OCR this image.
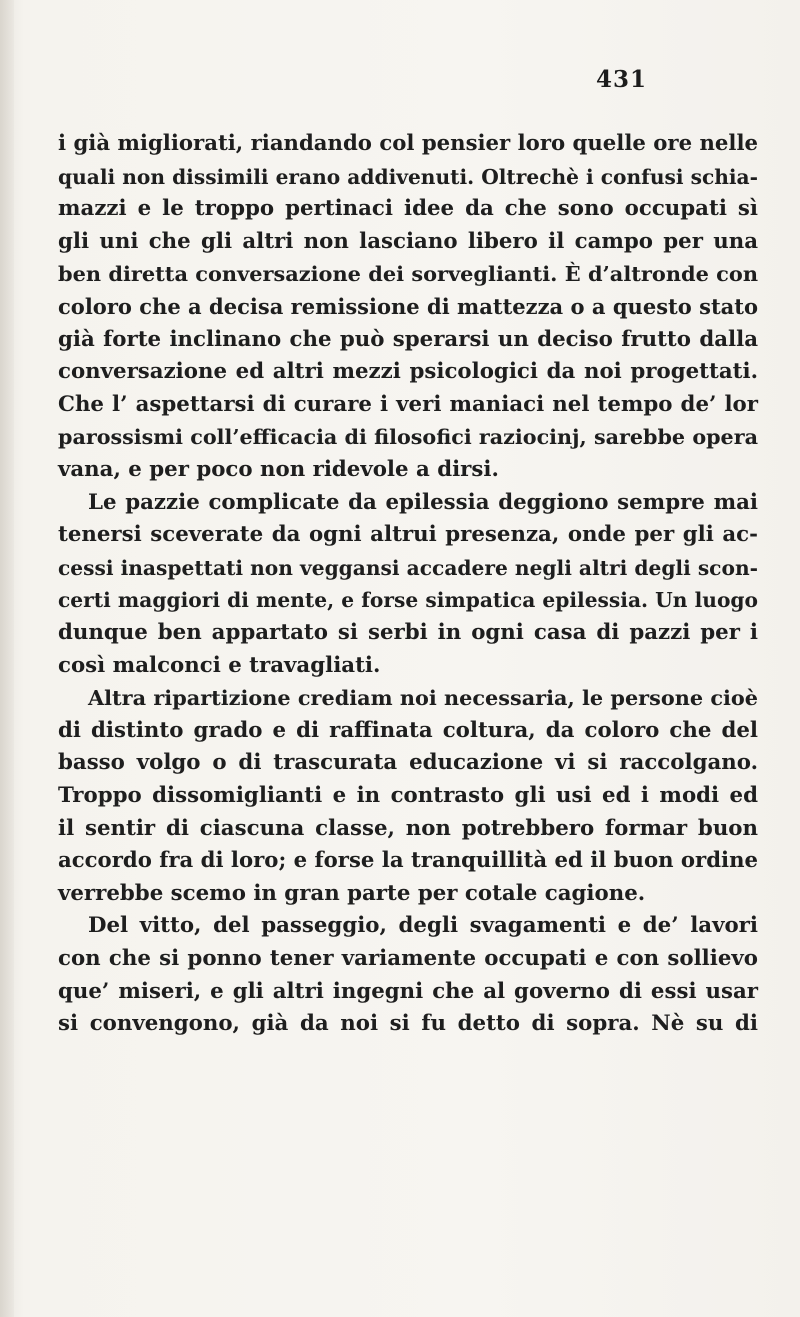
431
i già migliorati, riandando col pensier loro quelle ore nelle
quali non dissimili erano addivenuti. Oltrechè i confusi schia-
mazzi e le troppo pertinaci idee da che sono occupati sì
gli uni che gli altri non lasciano libero il campo per una
ben diretta conversazione dei sorveglianti. È d’altronde con
coloro che a decisa remissione di mattezza o a questo stato
già forte inclinano che può sperarsi un deciso frutto dalla
conversazione ed altri mezzi psicologici da noi progettati.
Che l’ aspettarsi di curare i veri maniaci nel tempo de’ lor
parossismi coll’efficacia di filosofici raziocinj, sarebbe opera
vana, e per poco non ridevole a dirsi.
Le pazzie complicate da epilessia deggiono sempre mai
tenersi sceverate da ogni altrui presenza, onde per gli ac-
cessi inaspettati non veggansi accadere negli altri degli scon-
certi maggiori di mente, e forse simpatica epilessia. Un luogo
dunque ben appartato si serbi in ogni casa di pazzi per i
così malconci e travagliati.
Altra ripartizione crediam noi necessaria, le persone cioè
di distinto grado e di raffinata coltura, da coloro che del
basso volgo o di trascurata educazione vi si raccolgano.
Troppo dissomiglianti e in contrasto gli usi ed i modi ed
il sentir di ciascuna classe, non potrebbero formar buon
accordo fra di loro; e forse la tranquillità ed il buon ordine
verrebbe scemo in gran parte per cotale cagione.
Del vitto, del passeggio, degli svagamenti e de’ lavori
con che si ponno tener variamente occupati e con sollievo
que’ miseri, e gli altri ingegni che al governo di essi usar
si convengono, già da noi si fu detto di sopra. Nè su di
